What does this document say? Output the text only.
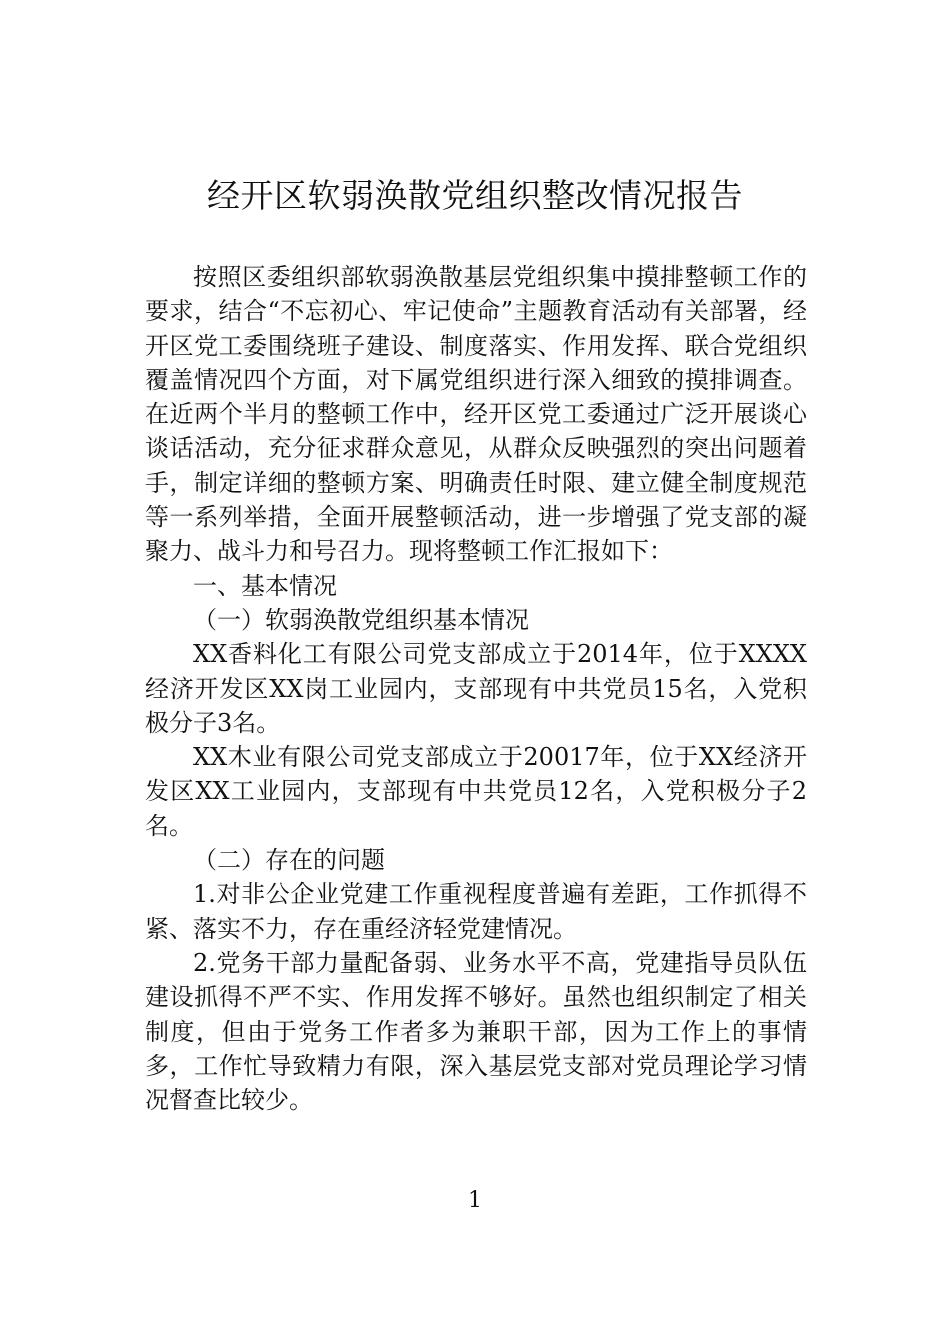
经开区软弱涣散党组织整改情况报告

按照区委组织部软弱涣散基层党组织集中摸排整顿工作的要求，结合“不忘初心、牢记使命”主题教育活动有关部署，经开区党工委围绕班子建设、制度落实、作用发挥、联合党组织覆盖情况四个方面，对下属党组织进行深入细致的摸排调查。在近两个半月的整顿工作中，经开区党工委通过广泛开展谈心谈话活动，充分征求群众意见，从群众反映强烈的突出问题着手，制定详细的整顿方案、明确责任时限、建立健全制度规范等一系列举措，全面开展整顿活动，进一步增强了党支部的凝聚力、战斗力和号召力。现将整顿工作汇报如下：

一、基本情况

（一）软弱涣散党组织基本情况

XX香料化工有限公司党支部成立于2014年，位于XXXX经济开发区XX岗工业园内，支部现有中共党员15名，入党积极分子3名。

XX木业有限公司党支部成立于20017年，位于XX经济开发区XX工业园内，支部现有中共党员12名，入党积极分子2名。

（二）存在的问题

1.对非公企业党建工作重视程度普遍有差距，工作抓得不紧、落实不力，存在重经济轻党建情况。

2.党务干部力量配备弱、业务水平不高，党建指导员队伍建设抓得不严不实、作用发挥不够好。虽然也组织制定了相关制度，但由于党务工作者多为兼职干部，因为工作上的事情多，工作忙导致精力有限，深入基层党支部对党员理论学习情况督查比较少。

1
